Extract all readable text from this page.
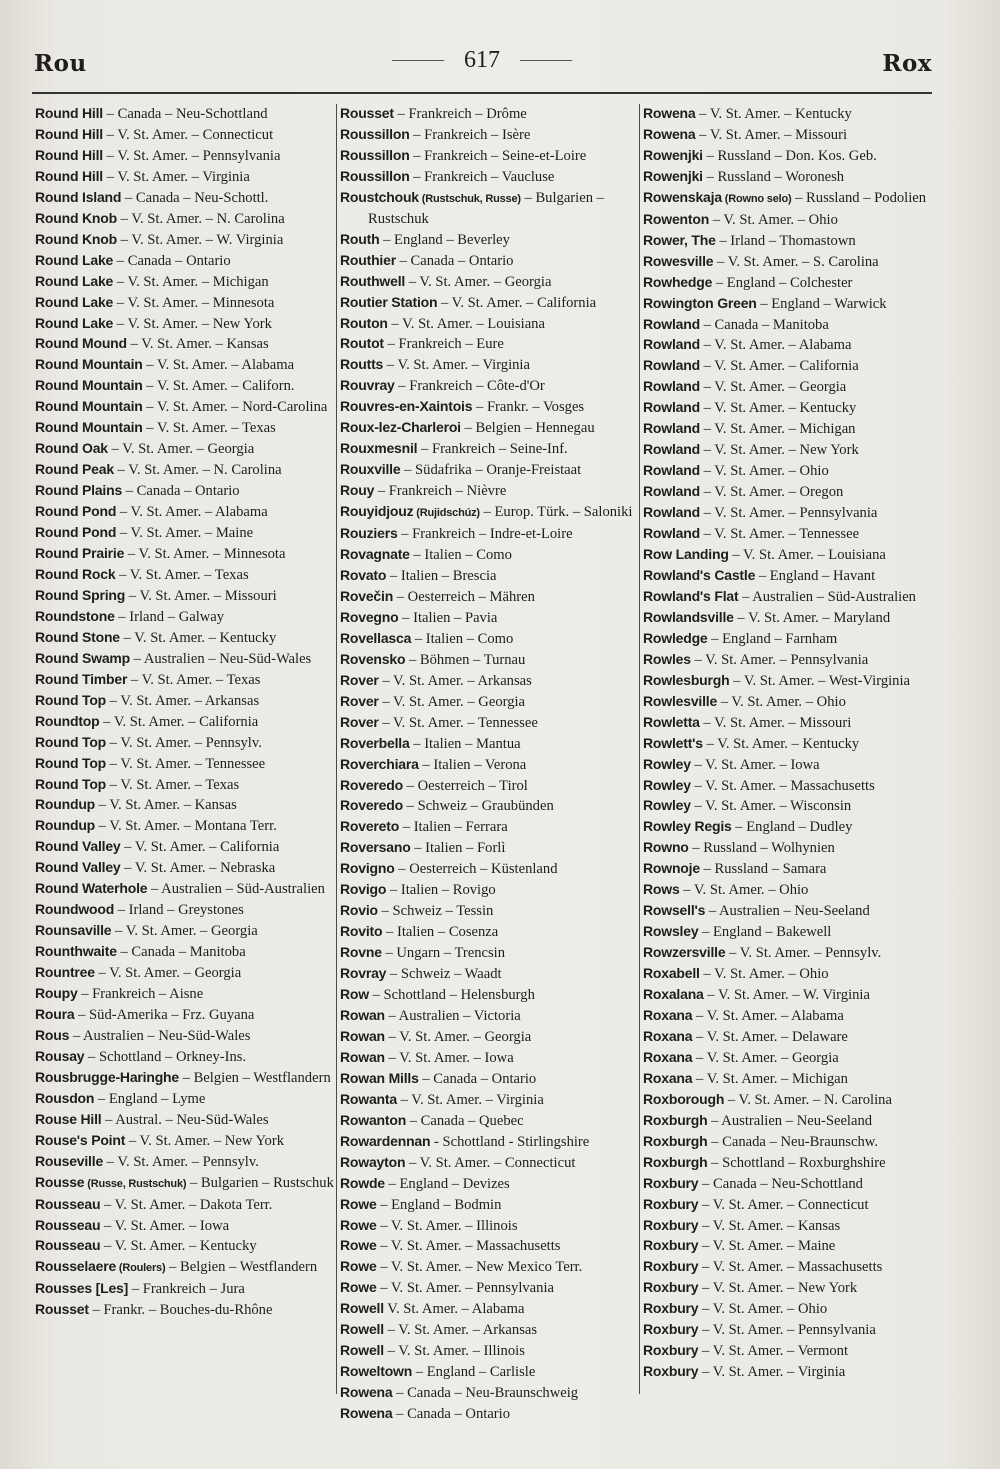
Rou	617	Rox

Round Hill – Canada – Neu-Schottland

Round Hill – V. St. Amer. – Connecticut

Round Hill – V. St. Amer. – Pennsylvania

Round Hill – V. St. Amer. – Virginia

Round Island – Canada – Neu-Schottl.

Round Knob – V. St. Amer. – N. Carolina

Round Knob – V. St. Amer. – W. Virginia

Round Lake – Canada – Ontario

Round Lake – V. St. Amer. – Michigan

Round Lake – V. St. Amer. – Minnesota

Round Lake – V. St. Amer. – New York

Round Mound – V. St. Amer. – Kansas

Round Mountain – V. St. Amer. – Alabama

Round Mountain – V. St. Amer. – Californ.

Round Mountain – V. St. Amer. – Nord-Carolina

Round Mountain – V. St. Amer. – Texas

Round Oak – V. St. Amer. – Georgia

Round Peak – V. St. Amer. – N. Carolina

Round Plains – Canada – Ontario

Round Pond – V. St. Amer. – Alabama

Round Pond – V. St. Amer. – Maine

Round Prairie – V. St. Amer. – Minnesota

Round Rock – V. St. Amer. – Texas

Round Spring – V. St. Amer. – Missouri

Roundstone – Irland – Galway

Round Stone – V. St. Amer. – Kentucky

Round Swamp – Australien – Neu-Süd-Wales

Round Timber – V. St. Amer. – Texas

Round Top – V. St. Amer. – Arkansas

Roundtop – V. St. Amer. – California

Round Top – V. St. Amer. – Pennsylv.

Round Top – V. St. Amer. – Tennessee

Round Top – V. St. Amer. – Texas

Roundup – V. St. Amer. – Kansas

Roundup – V. St. Amer. – Montana Terr.

Round Valley – V. St. Amer. – California

Round Valley – V. St. Amer. – Nebraska

Round Waterhole – Australien – Süd-Australien

Roundwood – Irland – Greystones

Rounsaville – V. St. Amer. – Georgia

Rounthwaite – Canada – Manitoba

Rountree – V. St. Amer. – Georgia

Roupy – Frankreich – Aisne

Roura – Süd-Amerika – Frz. Guyana

Rous – Australien – Neu-Süd-Wales

Rousay – Schottland – Orkney-Ins.

Rousbrugge-Haringhe – Belgien – Westflandern

Rousdon – England – Lyme

Rouse Hill – Austral. – Neu-Süd-Wales

Rouse's Point – V. St. Amer. – New York

Rouseville – V. St. Amer. – Pennsylv.

Rousse (Russe, Rustschuk) – Bulgarien – Rustschuk

Rousseau – V. St. Amer. – Dakota Terr.

Rousseau – V. St. Amer. – Iowa

Rousseau – V. St. Amer. – Kentucky

Rousselaere (Roulers) – Belgien – Westflandern

Rousses [Les] – Frankreich – Jura

Rousset – Frankr. – Bouches-du-Rhône

Rousset – Frankreich – Drôme

Roussillon – Frankreich – Isère

Roussillon – Frankreich – Seine-et-Loire

Roussillon – Frankreich – Vaucluse

Roustchouk (Rustschuk, Russe) – Bulgarien – Rustschuk

Routh – England – Beverley

Routhier – Canada – Ontario

Routhwell – V. St. Amer. – Georgia

Routier Station – V. St. Amer. – California

Routon – V. St. Amer. – Louisiana

Routot – Frankreich – Eure

Routts – V. St. Amer. – Virginia

Rouvray – Frankreich – Côte-d'Or

Rouvres-en-Xaintois – Frankr. – Vosges

Roux-lez-Charleroi – Belgien – Hennegau

Rouxmesnil – Frankreich – Seine-Inf.

Rouxville – Südafrika – Oranje-Freistaat

Rouy – Frankreich – Nièvre

Rouyidjouz (Rujidschúz) – Europ. Türk. – Saloniki

Rouziers – Frankreich – Indre-et-Loire

Rovagnate – Italien – Como

Rovato – Italien – Brescia

Rovečin – Oesterreich – Mähren

Rovegno – Italien – Pavia

Rovellasca – Italien – Como

Rovensko – Böhmen – Turnau

Rover – V. St. Amer. – Arkansas

Rover – V. St. Amer. – Georgia

Rover – V. St. Amer. – Tennessee

Roverbella – Italien – Mantua

Roverchiara – Italien – Verona

Roveredo – Oesterreich – Tirol

Roveredo – Schweiz – Graubünden

Rovereto – Italien – Ferrara

Roversano – Italien – Forlì

Rovigno – Oesterreich – Küstenland

Rovigo – Italien – Rovigo

Rovio – Schweiz – Tessin

Rovito – Italien – Cosenza

Rovne – Ungarn – Trencsin

Rovray – Schweiz – Waadt

Row – Schottland – Helensburgh

Rowan – Australien – Victoria

Rowan – V. St. Amer. – Georgia

Rowan – V. St. Amer. – Iowa

Rowan Mills – Canada – Ontario

Rowanta – V. St. Amer. – Virginia

Rowanton – Canada – Quebec

Rowardennan - Schottland - Stirlingshire

Rowayton – V. St. Amer. – Connecticut

Rowde – England – Devizes

Rowe – England – Bodmin

Rowe – V. St. Amer. – Illinois

Rowe – V. St. Amer. – Massachusetts

Rowe – V. St. Amer. – New Mexico Terr.

Rowe – V. St. Amer. – Pennsylvania

Rowell V. St. Amer. – Alabama

Rowell – V. St. Amer. – Arkansas

Rowell – V. St. Amer. – Illinois

Roweltown – England – Carlisle

Rowena – Canada – Neu-Braunschweig

Rowena – Canada – Ontario

Rowena – V. St. Amer. – Kentucky

Rowena – V. St. Amer. – Missouri

Rowenjki – Russland – Don. Kos. Geb.

Rowenjki – Russland – Woronesh

Rowenskaja (Rowno selo) – Russland – Podolien

Rowenton – V. St. Amer. – Ohio

Rower, The – Irland – Thomastown

Rowesville – V. St. Amer. – S. Carolina

Rowhedge – England – Colchester

Rowington Green – England – Warwick

Rowland – Canada – Manitoba

Rowland – V. St. Amer. – Alabama

Rowland – V. St. Amer. – California

Rowland – V. St. Amer. – Georgia

Rowland – V. St. Amer. – Kentucky

Rowland – V. St. Amer. – Michigan

Rowland – V. St. Amer. – New York

Rowland – V. St. Amer. – Ohio

Rowland – V. St. Amer. – Oregon

Rowland – V. St. Amer. – Pennsylvania

Rowland – V. St. Amer. – Tennessee

Row Landing – V. St. Amer. – Louisiana

Rowland's Castle – England – Havant

Rowland's Flat – Australien – Süd-Australien

Rowlandsville – V. St. Amer. – Maryland

Rowledge – England – Farnham

Rowles – V. St. Amer. – Pennsylvania

Rowlesburgh – V. St. Amer. – West-Virginia

Rowlesville – V. St. Amer. – Ohio

Rowletta – V. St. Amer. – Missouri

Rowlett's – V. St. Amer. – Kentucky

Rowley – V. St. Amer. – Iowa

Rowley – V. St. Amer. – Massachusetts

Rowley – V. St. Amer. – Wisconsin

Rowley Regis – England – Dudley

Rowno – Russland – Wolhynien

Rownoje – Russland – Samara

Rows – V. St. Amer. – Ohio

Rowsell's – Australien – Neu-Seeland

Rowsley – England – Bakewell

Rowzersville – V. St. Amer. – Pennsylv.

Roxabell – V. St. Amer. – Ohio

Roxalana – V. St. Amer. – W. Virginia

Roxana – V. St. Amer. – Alabama

Roxana – V. St. Amer. – Delaware

Roxana – V. St. Amer. – Georgia

Roxana – V. St. Amer. – Michigan

Roxborough – V. St. Amer. – N. Carolina

Roxburgh – Australien – Neu-Seeland

Roxburgh – Canada – Neu-Braunschw.

Roxburgh – Schottland – Roxburghshire

Roxbury – Canada – Neu-Schottland

Roxbury – V. St. Amer. – Connecticut

Roxbury – V. St. Amer. – Kansas

Roxbury – V. St. Amer. – Maine

Roxbury – V. St. Amer. – Massachusetts

Roxbury – V. St. Amer. – New York

Roxbury – V. St. Amer. – Ohio

Roxbury – V. St. Amer. – Pennsylvania

Roxbury – V. St. Amer. – Vermont

Roxbury – V. St. Amer. – Virginia
